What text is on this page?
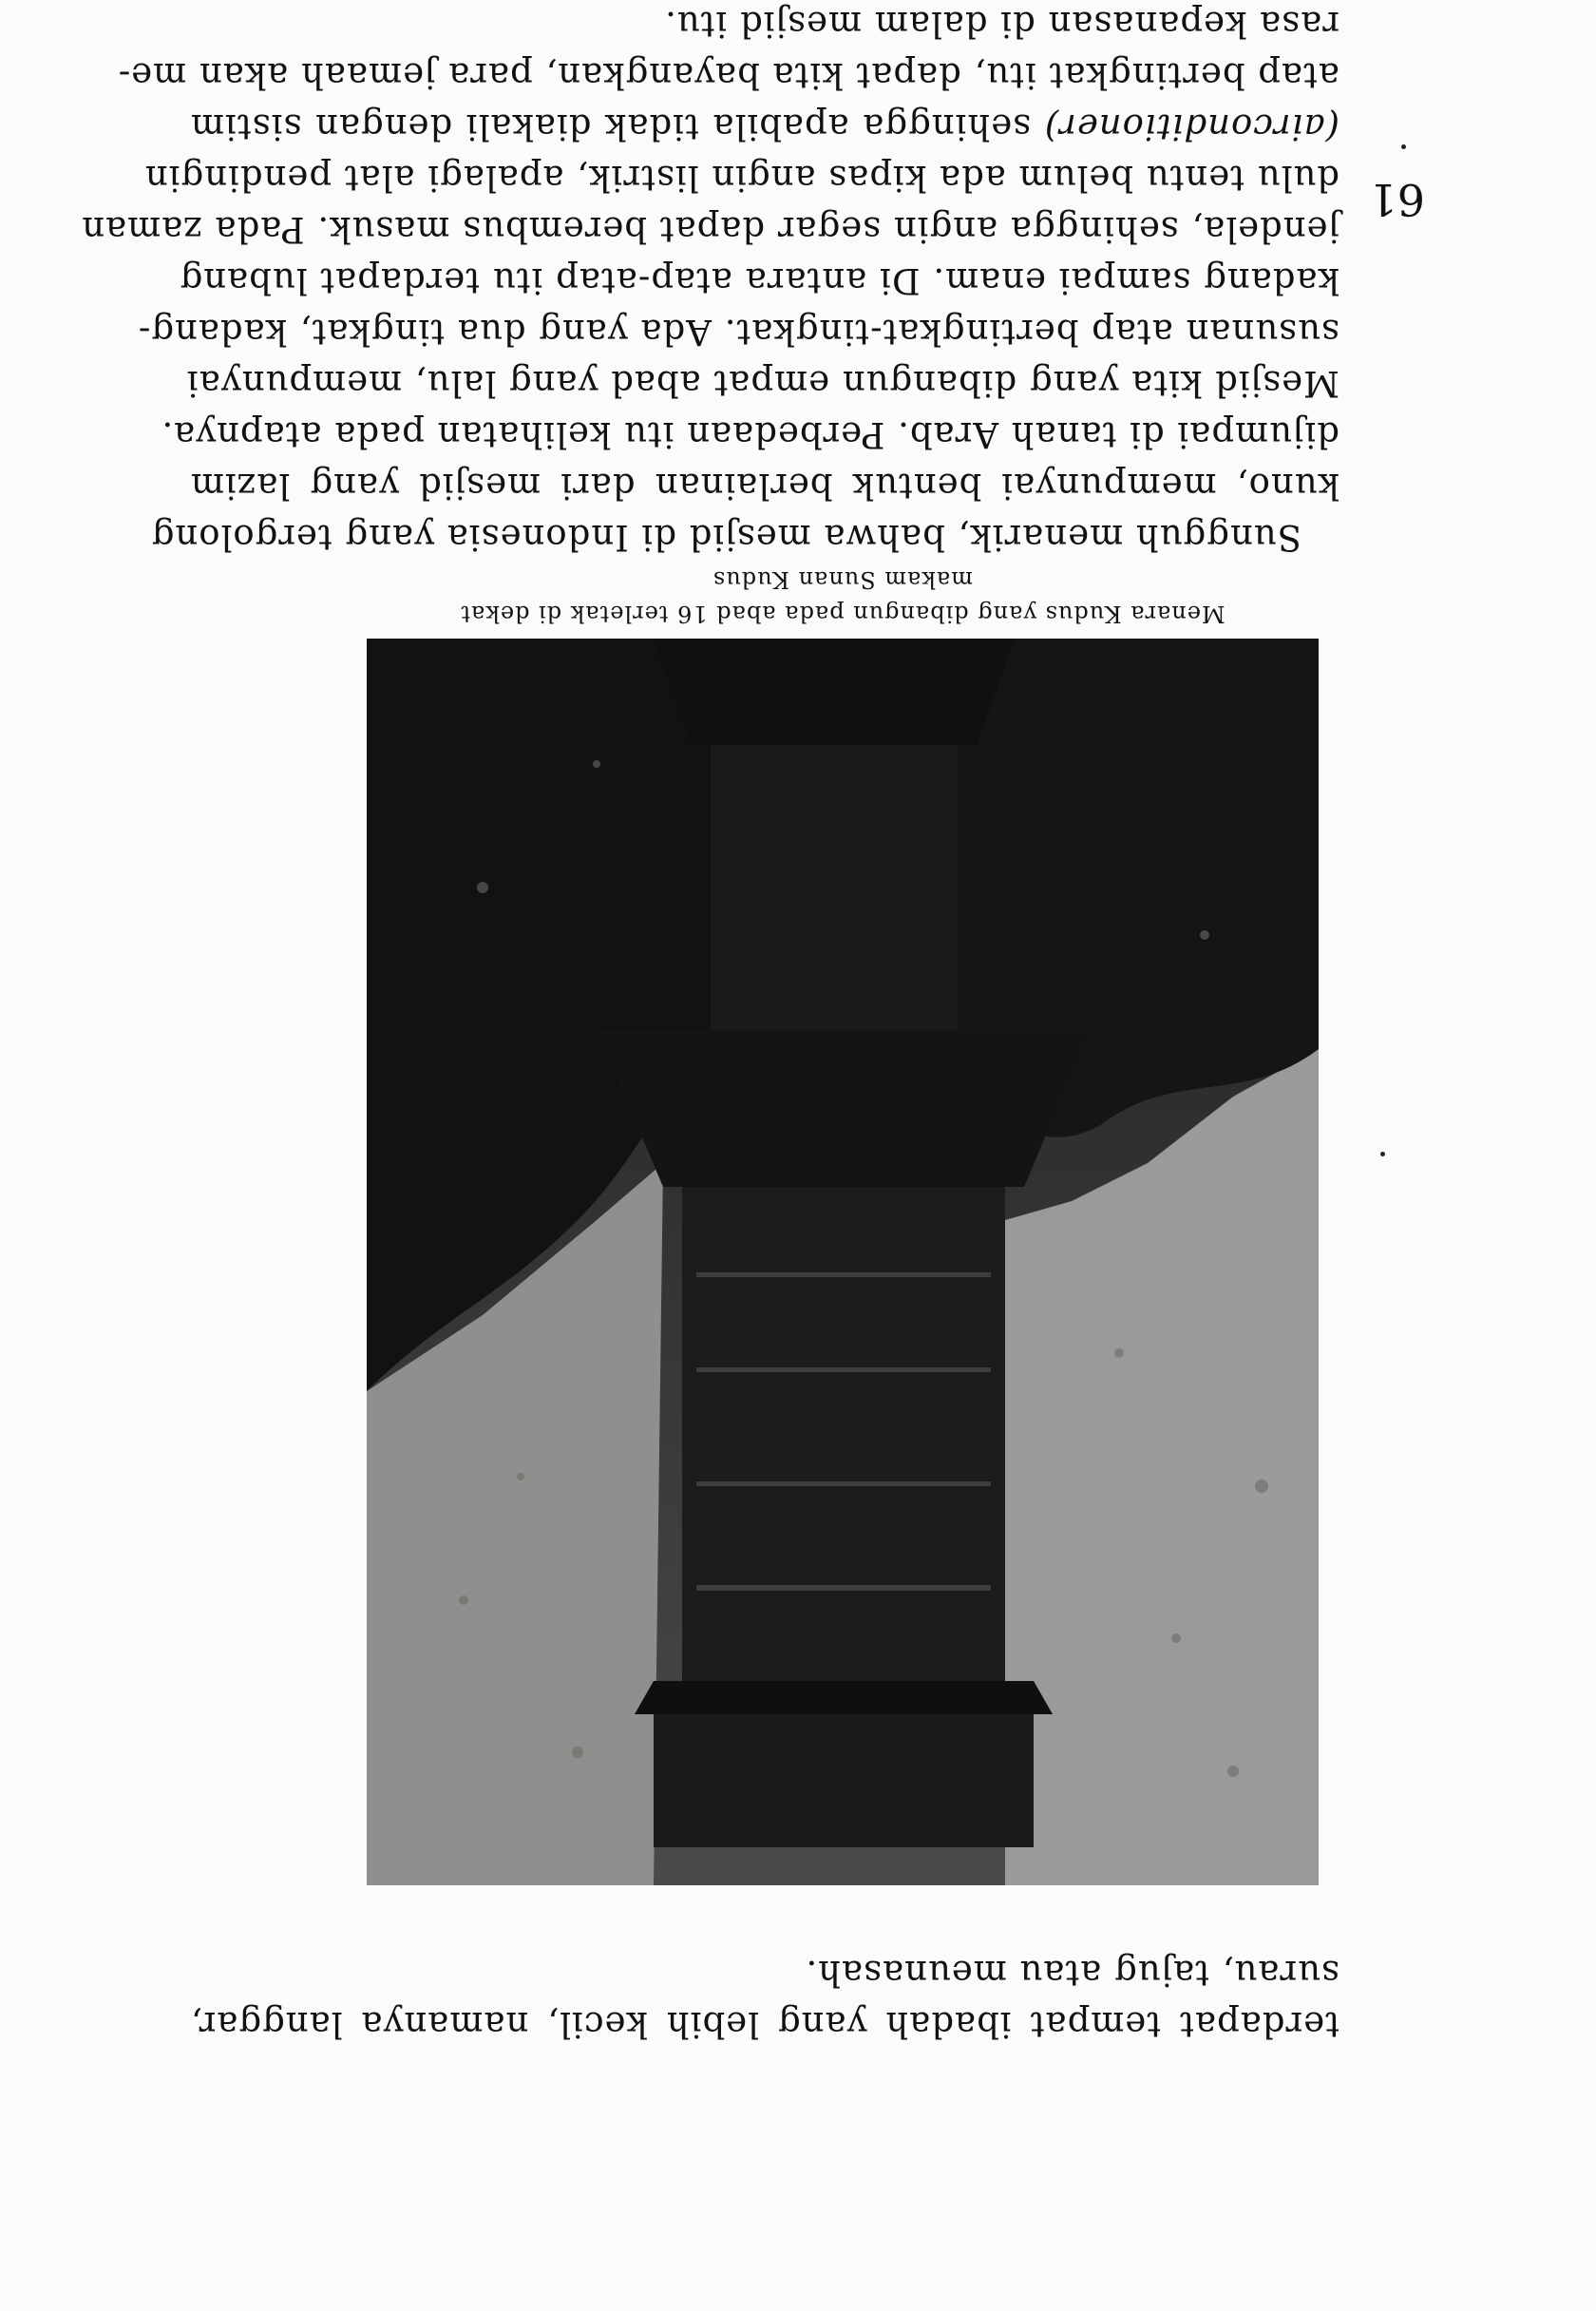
terdapat tempat ibadah yang lebih kecil, namanya langgar,
surau, tajug atau meunasah.
Menara Kudus yang dibangun pada abad 16 terletak di dekat
makam Sunan Kudus
Sungguh menarik, bahwa mesjid di Indonesia yang tergolong
kuno, mempunyai bentuk berlainan dari mesjid yang lazim
dijumpai di tanah Arab. Perbedaan itu kelihatan pada atapnya.
Mesjid kita yang dibangun empat abad yang lalu, mempunyai
susunan atap bertingkat-tingkat. Ada yang dua tingkat, kadang-
kadang sampai enam. Di antara atap-atap itu terdapat lubang
jendela, sehingga angin segar dapat berembus masuk. Pada zaman
dulu tentu belum ada kipas angin listrik, apalagi alat pendingin
(airconditioner) sehingga apabila tidak diakali dengan sistim
atap bertingkat itu, dapat kita bayangkan, para jemaah akan me-
rasa kepanasan di dalam mesjid itu.
61
